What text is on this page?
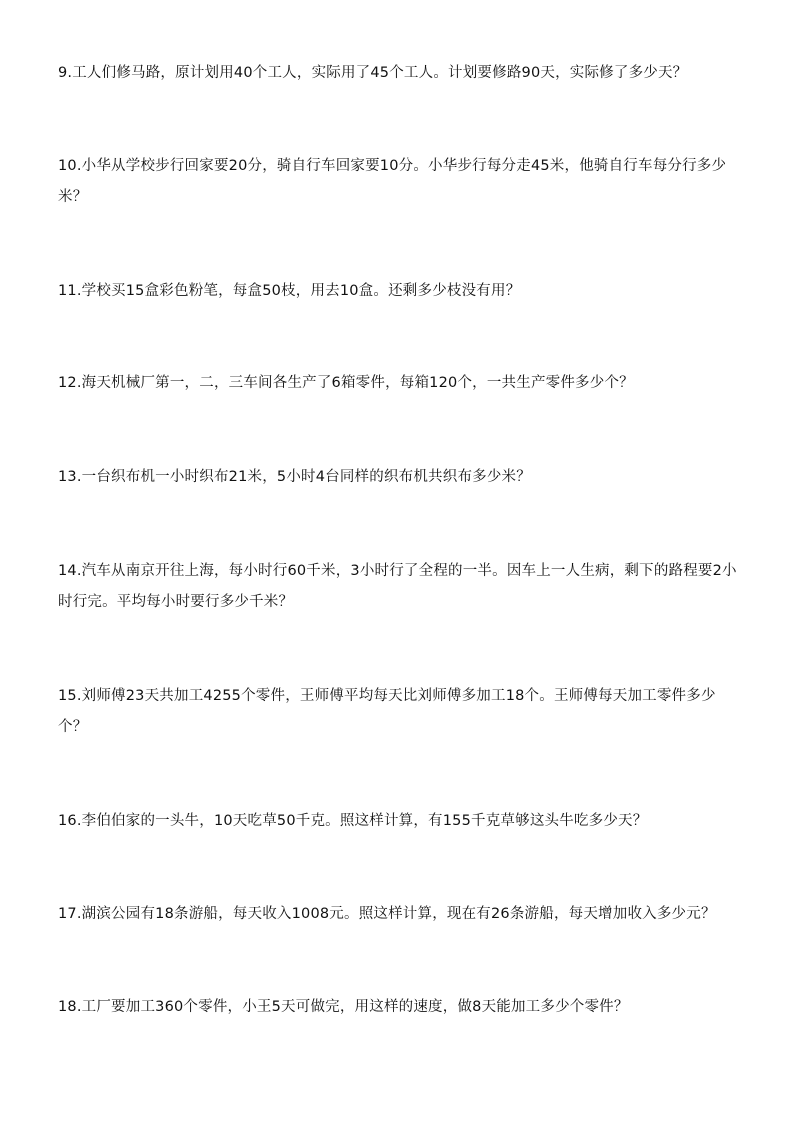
9.工人们修马路，原计划用40个工人，实际用了45个工人。计划要修路90天，实际修了多少天？

10.小华从学校步行回家要20分，骑自行车回家要10分。小华步行每分走45米，他骑自行车每分行多少米？

11.学校买15盒彩色粉笔，每盒50枝，用去10盒。还剩多少枝没有用？

12.海天机械厂第一，二，三车间各生产了6箱零件，每箱120个，一共生产零件多少个？

13.一台织布机一小时织布21米，5小时4台同样的织布机共织布多少米？

14.汽车从南京开往上海，每小时行60千米，3小时行了全程的一半。因车上一人生病，剩下的路程要2小时行完。平均每小时要行多少千米？

15.刘师傅23天共加工4255个零件，王师傅平均每天比刘师傅多加工18个。王师傅每天加工零件多少个？

16.李伯伯家的一头牛，10天吃草50千克。照这样计算，有155千克草够这头牛吃多少天？

17.湖滨公园有18条游船，每天收入1008元。照这样计算，现在有26条游船，每天增加收入多少元？

18.工厂要加工360个零件，小王5天可做完，用这样的速度，做8天能加工多少个零件？
